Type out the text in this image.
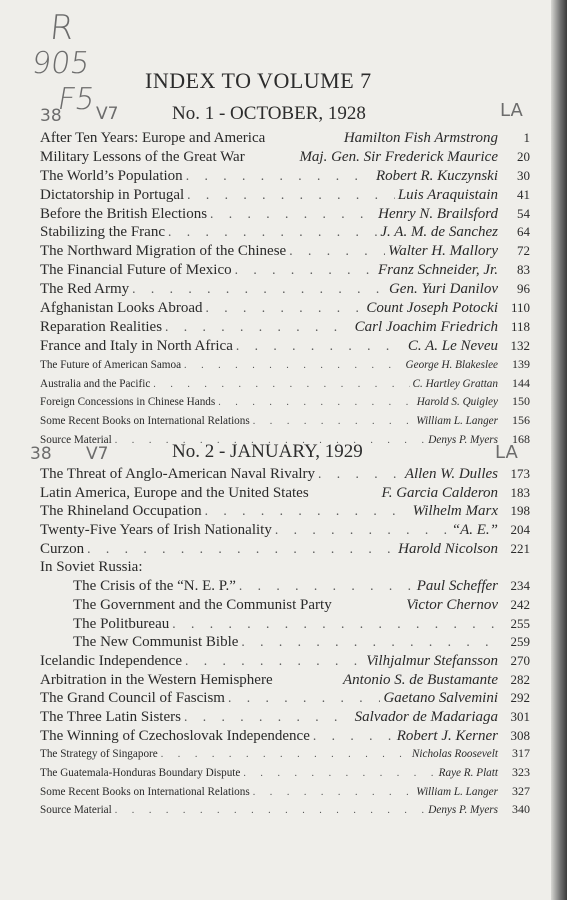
R
905
F5
38 V7	LA
38 V7	LA
INDEX TO VOLUME 7
No. 1 - OCTOBER, 1928
After Ten Years: Europe and America	Hamilton Fish Armstrong	1
Military Lessons of the Great War	Maj. Gen. Sir Frederick Maurice	20
The World’s Population . . .	Robert R. Kuczynski	30
Dictatorship in Portugal . . .	Luis Araquistain	41
Before the British Elections . . .	Henry N. Brailsford	54
Stabilizing the Franc . . .	J. A. M. de Sanchez	64
The Northward Migration of the Chinese . . .	Walter H. Mallory	72
The Financial Future of Mexico . . .	Franz Schneider, Jr.	83
The Red Army . . .	Gen. Yuri Danilov	96
Afghanistan Looks Abroad . . .	Count Joseph Potocki 110
Reparation Realities . . .	Carl Joachim Friedrich 118
France and Italy in North Africa . . .	C. A. Le Neveu 132
The Future of American Samoa . . .	George H. Blakeslee	139
Australia and the Pacific . . .	C. Hartley Grattan	144
Foreign Concessions in Chinese Hands . . .	Harold S. Quigley	150
Some Recent Books on International Relations . . .	William L. Langer	156
Source Material . . .	Denys P. Myers	168
No. 2 - JANUARY, 1929
The Threat of Anglo-American Naval Rivalry . . .	Allen W. Dulles 173
Latin America, Europe and the United States	F. Garcia Calderon 183
The Rhineland Occupation . . .	Wilhelm Marx 198
Twenty-Five Years of Irish Nationality . . .	“A. E.” 204
Curzon . . .	Harold Nicolson 221
In Soviet Russia:
The Crisis of the “N. E. P.” . . .	Paul Scheffer 234
The Government and the Communist Party	Victor Chernov 242
The Politbureau . . .	255
The New Communist Bible . . .	259
Icelandic Independence . . .	Vilhjalmur Stefansson 270
Arbitration in the Western Hemisphere	Antonio S. de Bustamante 282
The Grand Council of Fascism . . .	Gaetano Salvemini 292
The Three Latin Sisters . . .	Salvador de Madariaga 301
The Winning of Czechoslovak Independence . . .	Robert J. Kerner 308
The Strategy of Singapore . . .	Nicholas Roosevelt	317
The Guatemala-Honduras Boundary Dispute . . .	Raye R. Platt	323
Some Recent Books on International Relations . . .	William L. Langer	327
Source Material . . .	Denys P. Myers	340
